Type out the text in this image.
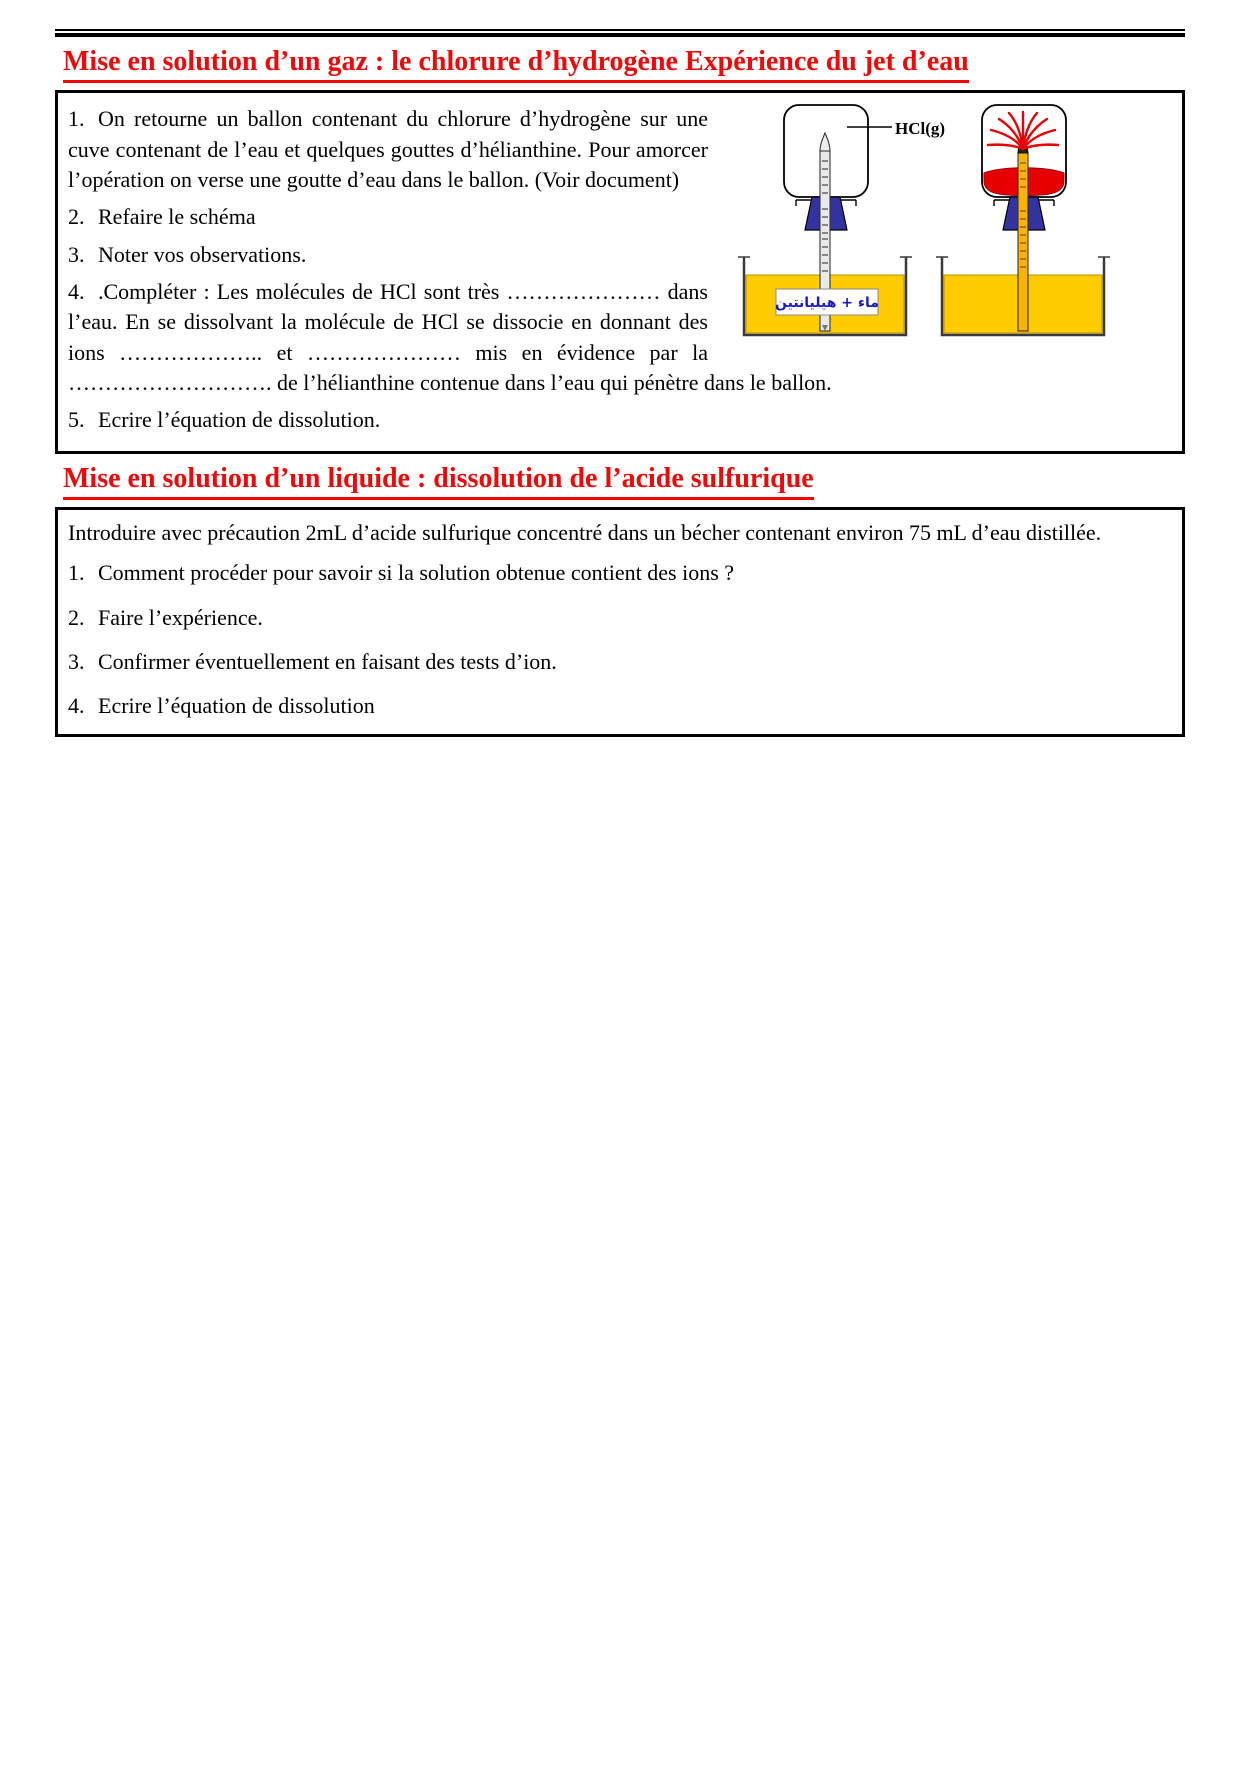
Mise en solution d’un gaz : le chlorure d’hydrogène Expérience du jet d’eau
HCl(g)
ماء + هيليانتين

1. On retourne un ballon contenant du chlorure d’hydrogène sur une cuve contenant de l’eau et quelques gouttes d’hélianthine. Pour amorcer l’opération on verse une goutte d’eau dans le ballon. (Voir document)

2. Refaire le schéma

3. Noter vos observations.

4. .Compléter : Les molécules de HCl sont très ………………… dans l’eau. En se dissolvant la molécule de HCl se dissocie en donnant des ions ……………….. et ………………… mis en évidence par la ………………………. de l’hélianthine contenue dans l’eau qui pénètre dans le ballon.

5. Ecrire l’équation de dissolution.

Mise en solution d’un liquide : dissolution de l’acide sulfurique

Introduire avec précaution 2mL d’acide sulfurique concentré dans un bécher contenant environ 75 mL d’eau distillée.

1. Comment procéder pour savoir si la solution obtenue contient des ions ?

2. Faire l’expérience.

3. Confirmer éventuellement en faisant des tests d’ion.

4. Ecrire l’équation de dissolution
